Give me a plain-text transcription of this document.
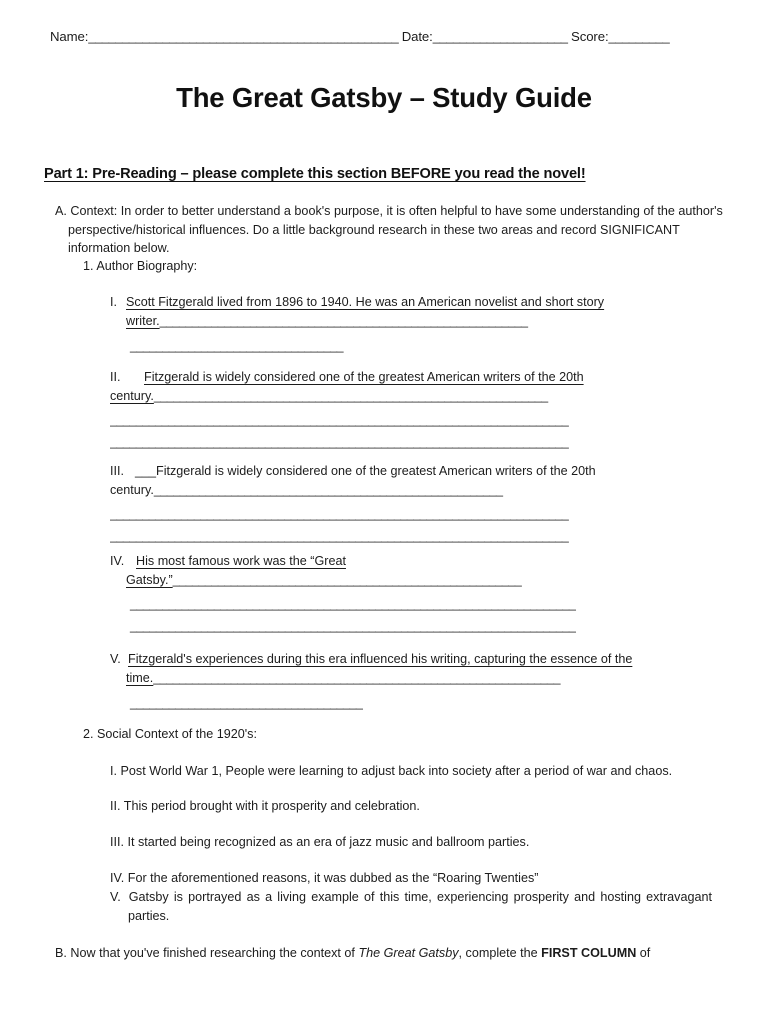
Name:______________________________________________ Date:____________________ Score:_________
The Great Gatsby – Study Guide
Part 1: Pre-Reading – please complete this section BEFORE you read the novel!
A. Context: In order to better understand a book's purpose, it is often helpful to have some understanding of the author's perspective/historical influences. Do a little background research in these two areas and record SIGNIFICANT information below.
1. Author Biography:
I. Scott Fitzgerald lived from 1896 to 1940. He was an American novelist and short story
writer._________________________________________________________
_________________________________
II. Fitzgerald is widely considered one of the greatest American writers of the 20th
century._____________________________________________________________
_______________________________________________________________________
_______________________________________________________________________
III. ___Fitzgerald is widely considered one of the greatest American writers of the 20th
century.______________________________________________________
_______________________________________________________________________
_______________________________________________________________________
IV. His most famous work was the “Great
Gatsby.”______________________________________________________
_____________________________________________________________________
_____________________________________________________________________
V. Fitzgerald's experiences during this era influenced his writing, capturing the essence of the
time._______________________________________________________________
____________________________________
2. Social Context of the 1920's:
I. Post World War 1, People were learning to adjust back into society after a period of war and chaos.
II. This period brought with it prosperity and celebration.
III. It started being recognized as an era of jazz music and ballroom parties.
IV. For the aforementioned reasons, it was dubbed as the “Roaring Twenties”
V. Gatsby is portrayed as a living example of this time, experiencing prosperity and hosting extravagant parties.
B. Now that you've finished researching the context of The Great Gatsby, complete the FIRST COLUMN of
